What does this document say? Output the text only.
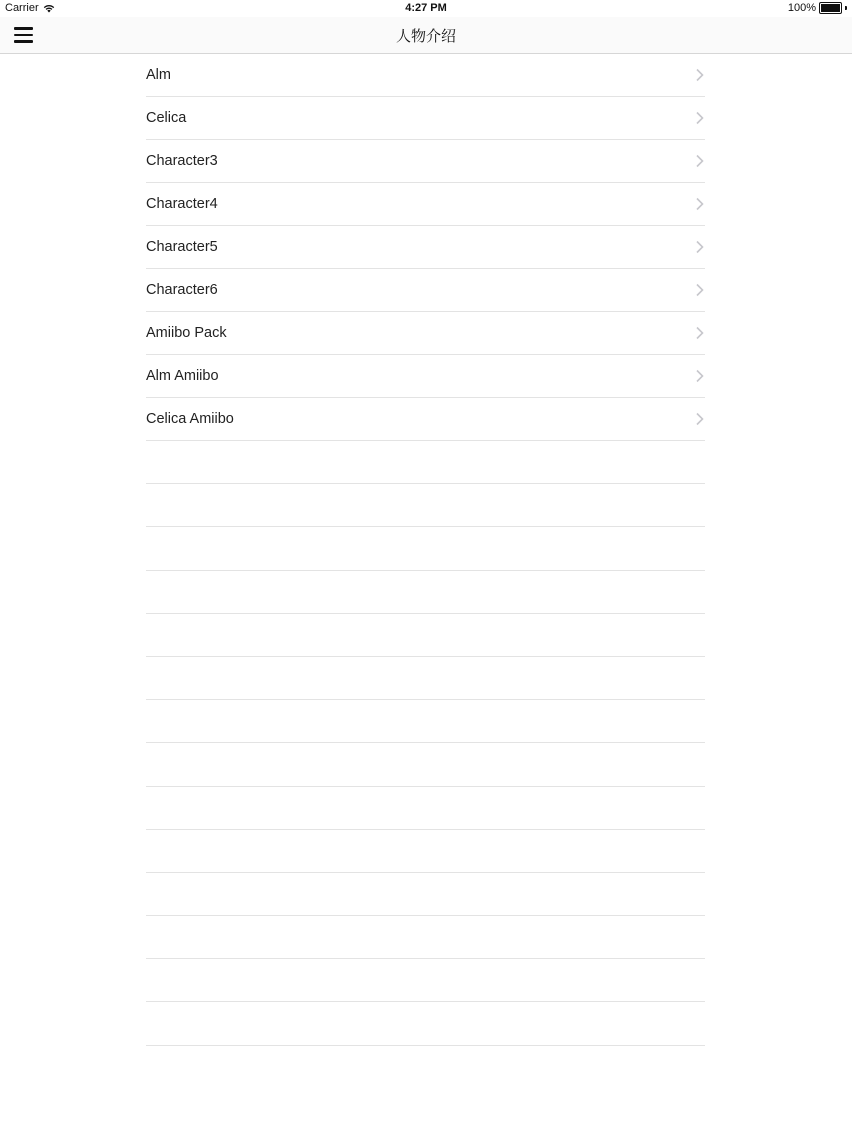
Carrier	4:27 PM	100%
人物介绍
Alm
Celica
Character3
Character4
Character5
Character6
Amiibo Pack
Alm Amiibo
Celica Amiibo
